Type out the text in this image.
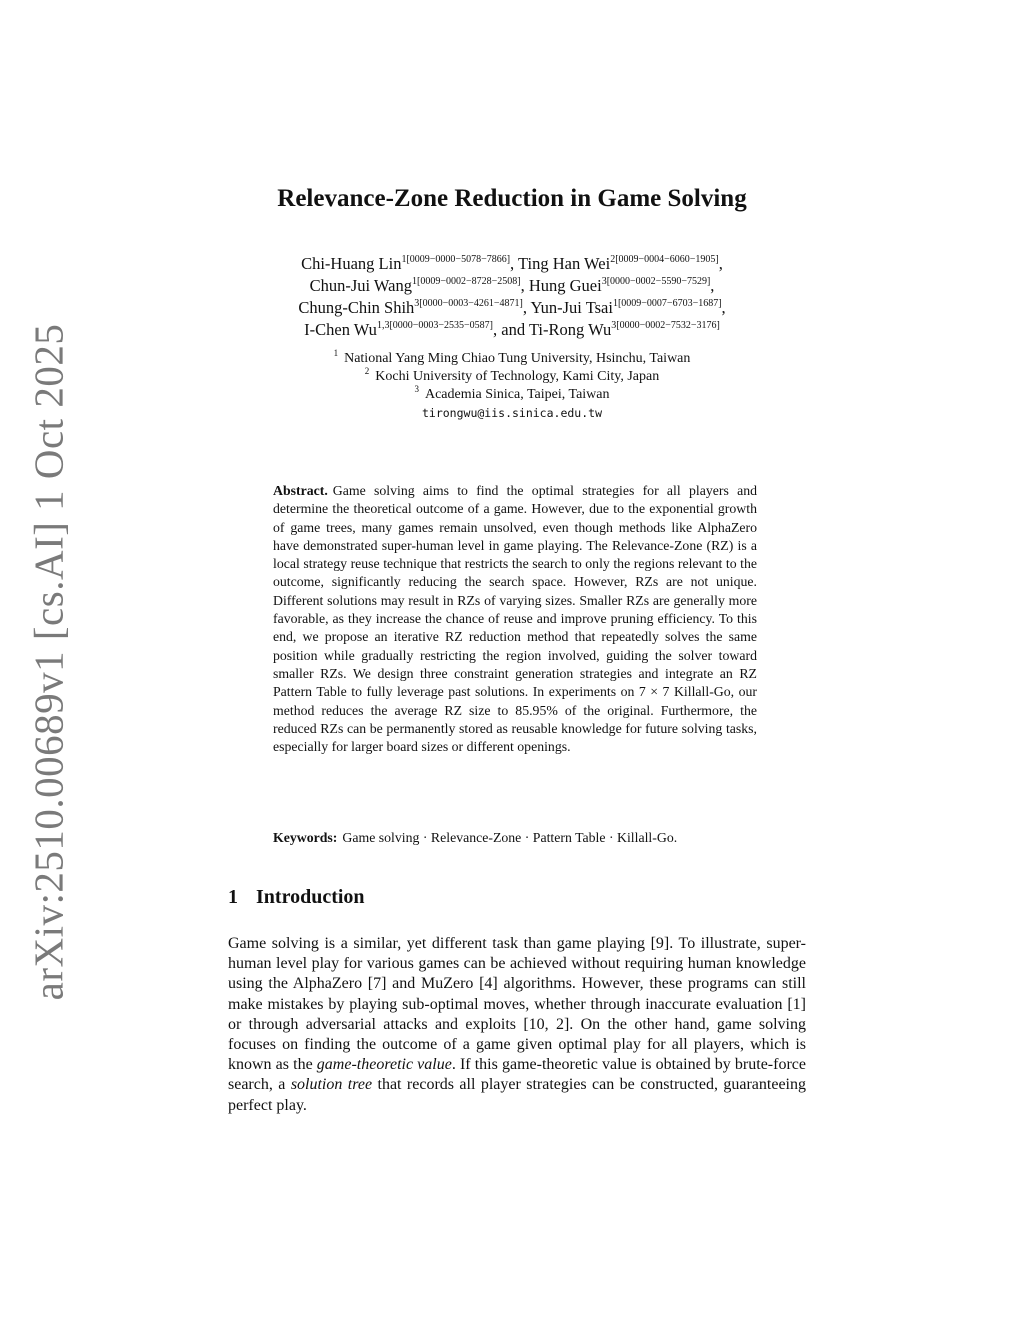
arXiv:2510.00689v1 [cs.AI] 1 Oct 2025
Relevance-Zone Reduction in Game Solving
Chi-Huang Lin$^{1[0009-0000-5078-7866]}$, Ting Han Wei$^{2[0009-0004-6060-1905]}$,
Chun-Jui Wang$^{1[0009-0002-8728-2508]}$, Hung Guei$^{3[0000-0002-5590-7529]}$,
Chung-Chin Shih$^{3[0000-0003-4261-4871]}$, Yun-Jui Tsai$^{1[0009-0007-6703-1687]}$,
I-Chen $Wu^{1,3[0000-0003-2535-0587]}$, and Ti-Rong $Wu^{3[0000-0002-7532-3176]}$
$^1$ National Yang Ming Chiao Tung University, Hsinchu, Taiwan
$^2$ Kochi University of Technology, Kami City, Japan
$^3$ Academia Sinica, Taipei, Taiwan
tirongwu@iis.sinica.edu.tw
Abstract. Game solving aims to find the optimal strategies for all players and determine the theoretical outcome of a game. However, due to the exponential growth of game trees, many games remain unsolved, even though methods like AlphaZero have demonstrated super-human level in game playing. The Relevance-Zone (RZ) is a local strategy reuse technique that restricts the search to only the regions relevant to the outcome, significantly reducing the search space. However, RZs are not unique. Different solutions may result in RZs of varying sizes. Smaller RZs are generally more favorable, as they increase the chance of reuse and improve pruning efficiency. To this end, we propose an iterative RZ reduction method that repeatedly solves the same position while gradually restricting the region involved, guiding the solver toward smaller RZs. We design three constraint generation strategies and integrate an RZ Pattern Table to fully leverage past solutions. In experiments on 7 × 7 Killall-Go, our method reduces the average RZ size to 85.95% of the original. Furthermore, the reduced RZs can be permanently stored as reusable knowledge for future solving tasks, especially for larger board sizes or different openings.
Keywords: Game solving · Relevance-Zone · Pattern Table · Killall-Go.
1 Introduction
Game solving is a similar, yet different task than game playing [9]. To illustrate, super-human level play for various games can be achieved without requiring human knowledge using the AlphaZero [7] and MuZero [4] algorithms. However, these programs can still make mistakes by playing sub-optimal moves, whether through inaccurate evaluation [1] or through adversarial attacks and exploits [10, 2]. On the other hand, game solving focuses on finding the outcome of a game given optimal play for all players, which is known as the game-theoretic value. If this game-theoretic value is obtained by brute-force search, a solution tree that records all player strategies can be constructed, guaranteeing perfect play.
